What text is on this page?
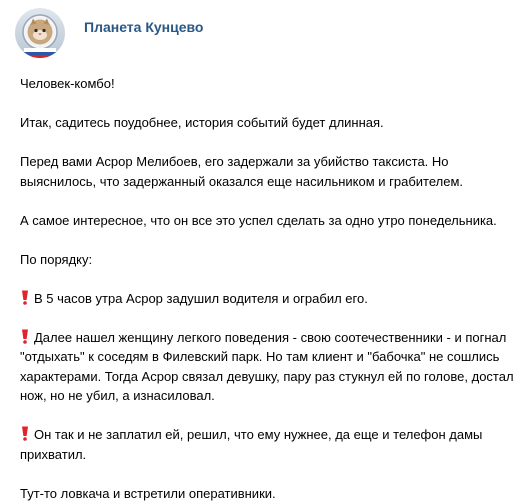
Планета Кунцево

Человек-комбо!

Итак, садитесь поудобнее, история событий будет длинная.

Перед вами Асрор Мелибоев, его задержали за убийство таксиста. Но выяснилось, что задержанный оказался еще насильником и грабителем.

А самое интересное, что он все это успел сделать за одно утро понедельника.

По порядку:

В 5 часов утра Асрор задушил водителя и ограбил его.

Далее нашел женщину легкого поведения - свою соотечественники - и погнал "отдыхать" к соседям в Филевский парк. Но там клиент и "бабочка" не сошлись характерами. Тогда Асрор связал девушку, пару раз стукнул ей по голове, достал нож, но не убил, а изнасиловал.

Он так и не заплатил ей, решил, что ему нужнее, да еще и телефон дамы прихватил.

Тут-то ловкача и встретили оперативники.
